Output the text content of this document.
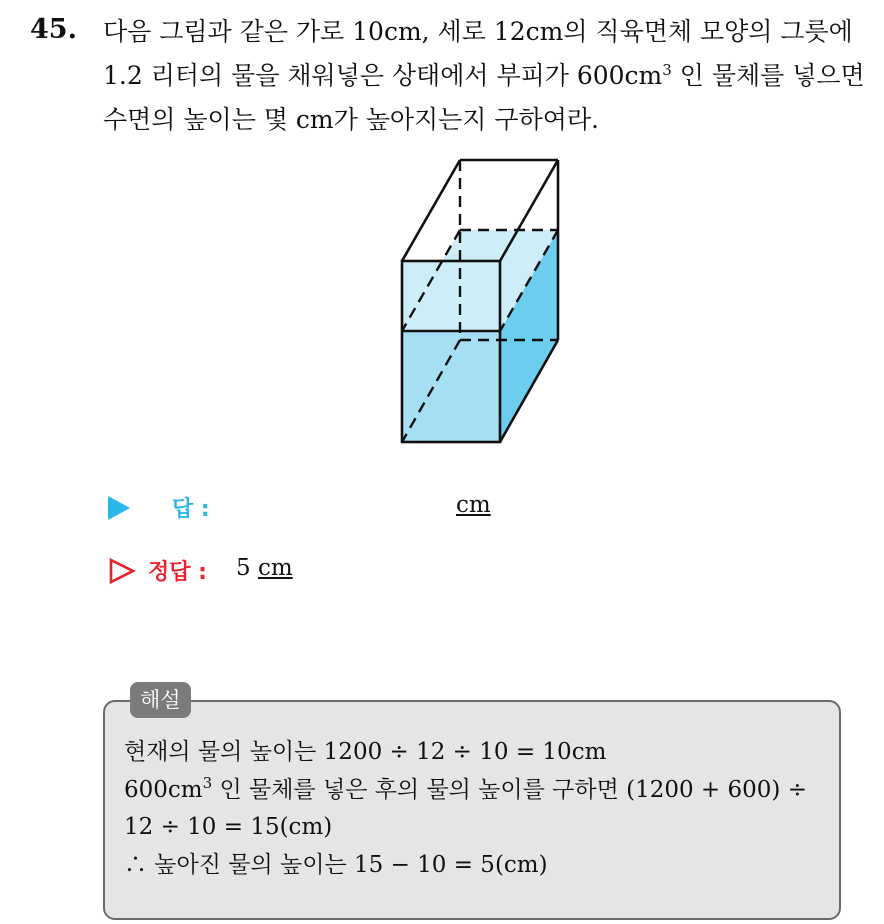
45. 다음 그림과 같은 가로 10cm, 세로 12cm의 직육면체 모양의 그릇에
1.2 리터의 물을 채워넣은 상태에서 부피가 $600cm^3$ 인 물체를 넣으면
수면의 높이는 몇 cm가 높아지는지 구하여라.
답 :	cm
정답 : 5 cm
해설
현재의 물의 높이는 1200 ÷ 12 ÷ 10 = 10cm
$600cm^3$ 인 물체를 넣은 후의 물의 높이를 구하면 (1200 + 600) ÷
12 ÷ 10 = 15(cm)
∴ 높아진 물의 높이는 15 − 10 = 5(cm)
